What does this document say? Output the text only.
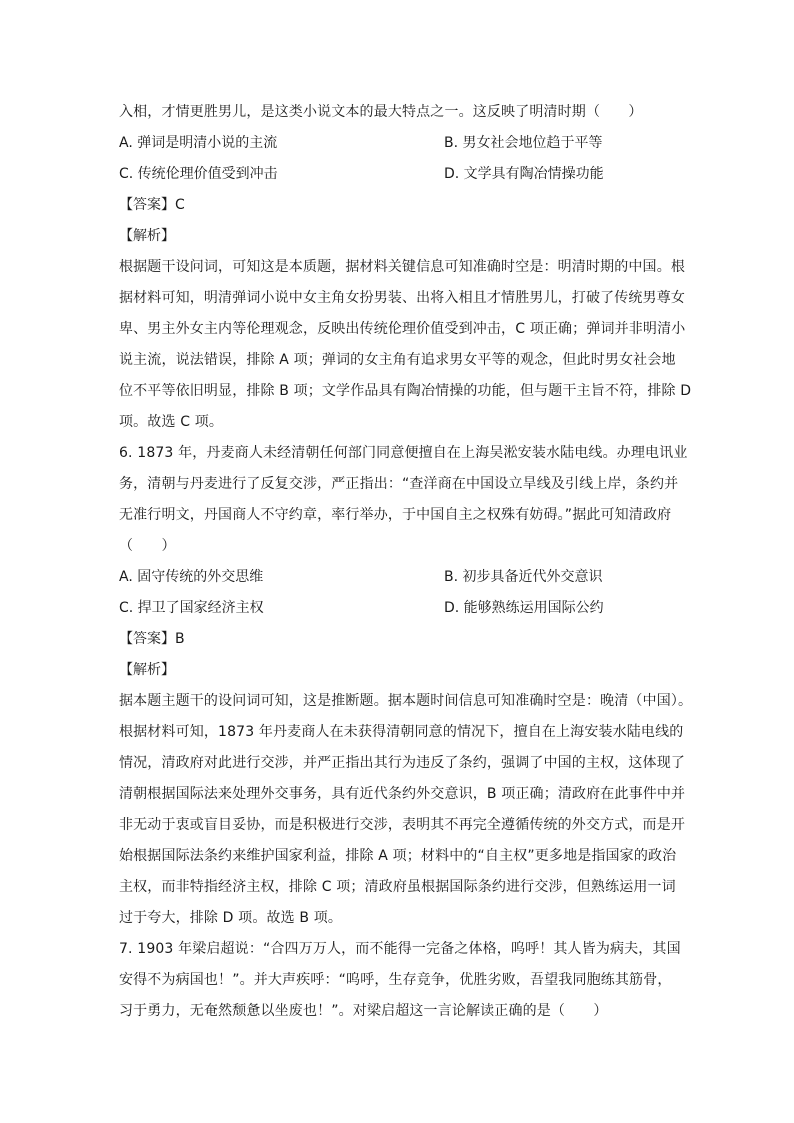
入相，才情更胜男儿，是这类小说文本的最大特点之一。这反映了明清时期（　　）
A. 弹词是明清小说的主流	B. 男女社会地位趋于平等
C. 传统伦理价值受到冲击	D. 文学具有陶冶情操功能
【答案】C
【解析】
根据题干设问词，可知这是本质题，据材料关键信息可知准确时空是：明清时期的中国。根
据材料可知，明清弹词小说中女主角女扮男装、出将入相且才情胜男儿，打破了传统男尊女
卑、男主外女主内等伦理观念，反映出传统伦理价值受到冲击，C 项正确；弹词并非明清小
说主流，说法错误，排除 A 项；弹词的女主角有追求男女平等的观念，但此时男女社会地
位不平等依旧明显，排除 B 项；文学作品具有陶冶情操的功能，但与题干主旨不符，排除 D
项。故选 C 项。
6. 1873 年，丹麦商人未经清朝任何部门同意便擅自在上海吴淞安装水陆电线。办理电讯业
务，清朝与丹麦进行了反复交涉，严正指出：“查洋商在中国设立旱线及引线上岸，条约并
无准行明文，丹国商人不守约章，率行举办，于中国自主之权殊有妨碍。”据此可知清政府
（　　）
A. 固守传统的外交思维	B. 初步具备近代外交意识
C. 捍卫了国家经济主权	D. 能够熟练运用国际公约
【答案】B
【解析】
据本题主题干的设问词可知，这是推断题。据本题时间信息可知准确时空是：晚清（中国）。
根据材料可知，1873 年丹麦商人在未获得清朝同意的情况下，擅自在上海安装水陆电线的
情况，清政府对此进行交涉，并严正指出其行为违反了条约，强调了中国的主权，这体现了
清朝根据国际法来处理外交事务，具有近代条约外交意识，B 项正确；清政府在此事件中并
非无动于衷或盲目妥协，而是积极进行交涉，表明其不再完全遵循传统的外交方式，而是开
始根据国际法条约来维护国家利益，排除 A 项；材料中的“自主权”更多地是指国家的政治
主权，而非特指经济主权，排除 C 项；清政府虽根据国际条约进行交涉，但熟练运用一词
过于夸大，排除 D 项。故选 B 项。
7. 1903 年梁启超说：“合四万万人，而不能得一完备之体格，呜呼！其人皆为病夫，其国
安得不为病国也！”。并大声疾呼：“呜呼，生存竞争，优胜劣败，吾望我同胞练其筋骨，
习于勇力，无奄然颓惫以坐废也！”。对梁启超这一言论解读正确的是（　　）
